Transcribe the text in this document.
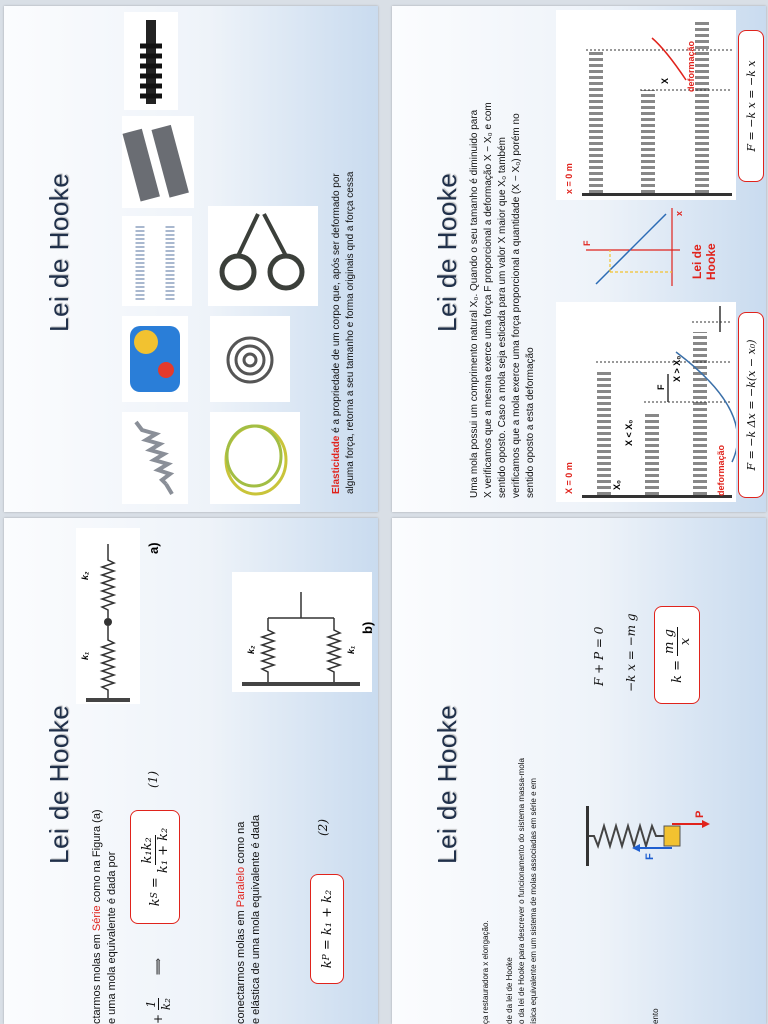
Lei de Hooke
ctarmos molas em Série como na Figura (a) e uma mola equivalente é dada por	+
1 k₂
⟹
k
S
=
k₁k₂ k₁ + k₂
(1)
conectarmos molas em Paralelo como na e elástica de uma mola equivalente é dada	k
P
= k₁ + k₂
(2)
k₁
k₂
a)
k₂	k₁
b)
Lei de Hooke
Elasticidade é a propriedade de um corpo que, após ser deformado por alguma força, retorna a seu tamanho e forma originais qnd a força cessa
Lei de Hooke
ça restauradora x elongação. de da lei de Hooke o da lei de Hooke para descrever o funcionamento do sistema massa-mola ísica equivalente em um sistema de molas associadas em série e em	ento
P
F
F + P = 0 −k x = −m g	k =
m g x
Lei de Hooke Uma mola possui um comprimento natural X₀. Quando o seu tamanho é diminuido para X verificamos que a mesma exerce uma força F proporcional a deformação X − X₀ e com sentido oposto. Caso a mola seja esticada para um valor X maior que X₀ também verificamos que a mola exerce uma força proporcional a quantidade (X − X₀) porém no sentido oposto a esta deformação	X = 0 m	X₀
X < X₀
X > X₀
deformação
F
x
F
Lei de Hooke
x = 0 m
X deformação
F = −k Δx = −k(x − x₀)
F = −k x = −k x
